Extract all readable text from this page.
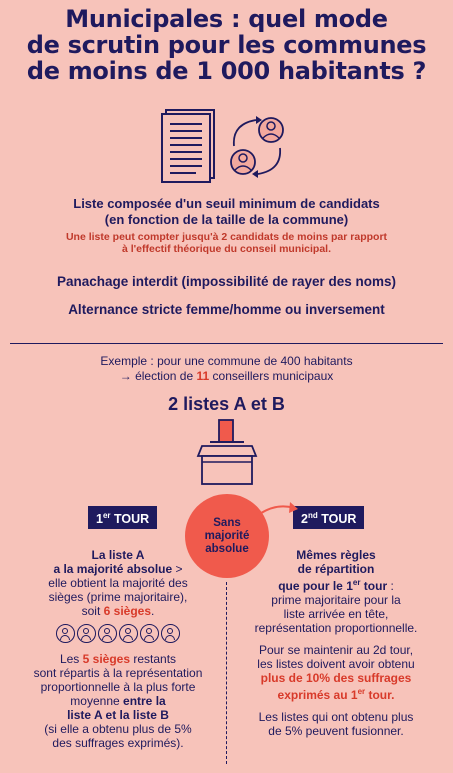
Municipales : quel mode
de scrutin pour les communes
de moins de 1 000 habitants ?
Liste composée d'un seuil minimum de candidats
(en fonction de la taille de la commune)
Une liste peut compter jusqu'à 2 candidats de moins par rapport
à l'effectif théorique du conseil municipal.
Panachage interdit (impossibilité de rayer des noms)
Alternance stricte femme/homme ou inversement
Exemple : pour une commune de 400 habitants
→ élection de 11 conseillers municipaux
2 listes A et B
1er TOUR	2nd TOUR
Sans
majorité
absolue
La liste A
a la majorité absolue >
elle obtient la majorité des
sièges (prime majoritaire),
soit 6 sièges.
Les 5 sièges restants
sont répartis à la représentation
proportionnelle à la plus forte
moyenne entre la
liste A et la liste B
(si elle a obtenu plus de 5%
des suffrages exprimés).
Mêmes règles
de répartition
que pour le 1er tour :
prime majoritaire pour la
liste arrivée en tête,
représentation proportionnelle.
Pour se maintenir au 2d tour,
les listes doivent avoir obtenu
plus de 10% des suffrages
exprimés au 1er tour.
Les listes qui ont obtenu plus
de 5% peuvent fusionner.
